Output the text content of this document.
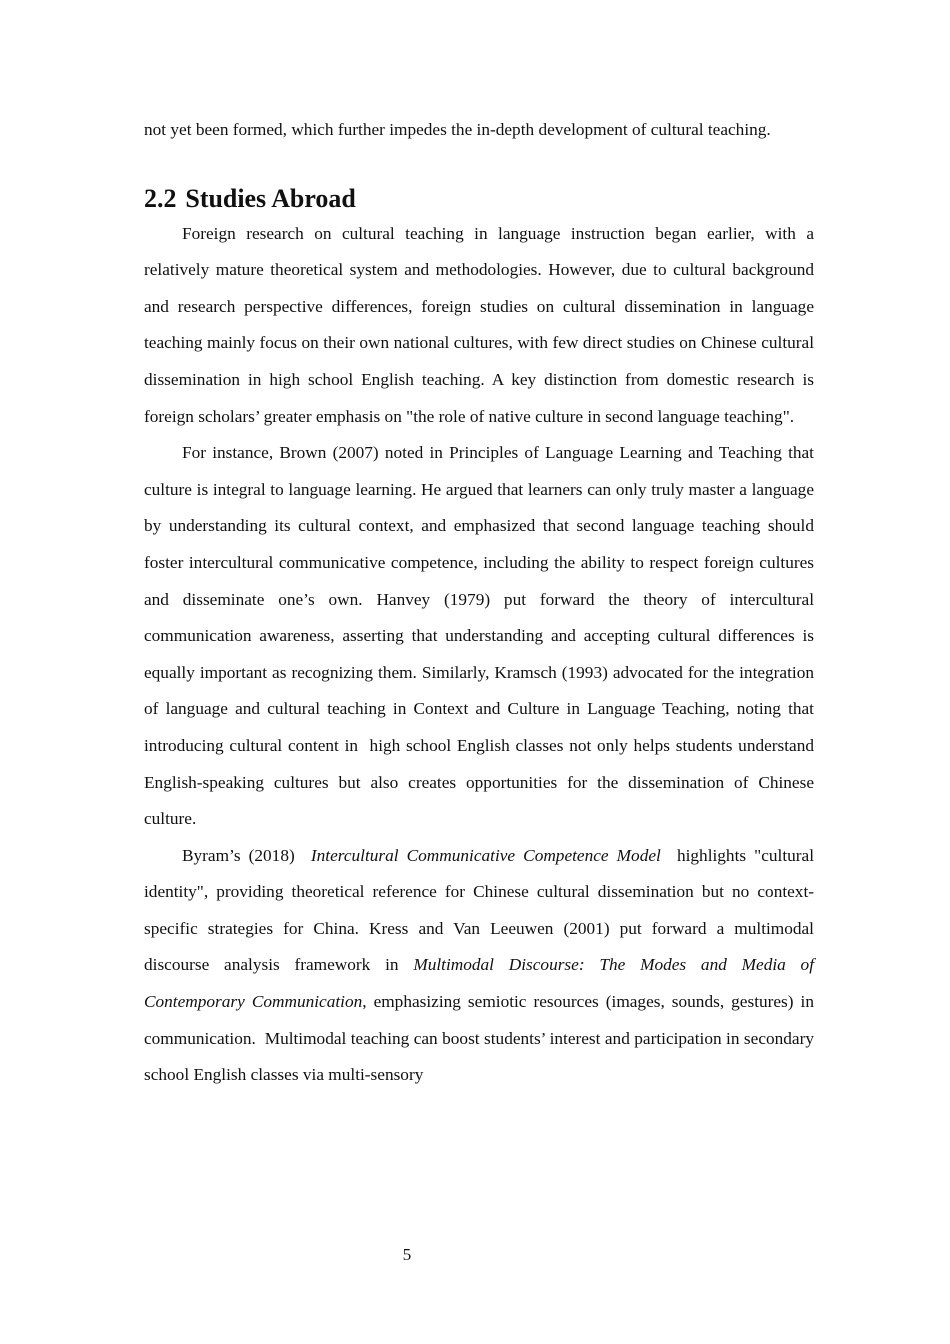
not yet been formed, which further impedes the in-depth development of cultural teaching.

2.2 Studies Abroad

Foreign research on cultural teaching in language instruction began earlier, with a relatively mature theoretical system and methodologies. However, due to cultural background and research perspective differences, foreign studies on cultural dissemination in language teaching mainly focus on their own national cultures, with few direct studies on Chinese cultural dissemination in high school English teaching. A key distinction from domestic research is foreign scholars’ greater emphasis on "the role of native culture in second language teaching".

For instance, Brown (2007) noted in Principles of Language Learning and Teaching that culture is integral to language learning. He argued that learners can only truly master a language by understanding its cultural context, and emphasized that second language teaching should foster intercultural communicative competence, including the ability to respect foreign cultures and disseminate one’s own. Hanvey (1979) put forward the theory of intercultural communication awareness, asserting that understanding and accepting cultural differences is equally important as recognizing them. Similarly, Kramsch (1993) advocated for the integration of language and cultural teaching in Context and Culture in Language Teaching, noting that introducing cultural content in  high school English classes not only helps students understand English-speaking cultures but also creates opportunities for the dissemination of Chinese culture.

Byram’s (2018)  Intercultural Communicative Competence Model  highlights "cultural identity", providing theoretical reference for Chinese cultural dissemination but no context-specific strategies for China. Kress and Van Leeuwen (2001) put forward a multimodal discourse analysis framework in Multimodal Discourse: The Modes and Media of Contemporary Communication, emphasizing semiotic resources (images, sounds, gestures) in communication.  Multimodal teaching can boost students’ interest and participation in secondary school English classes via multi-sensory

5
